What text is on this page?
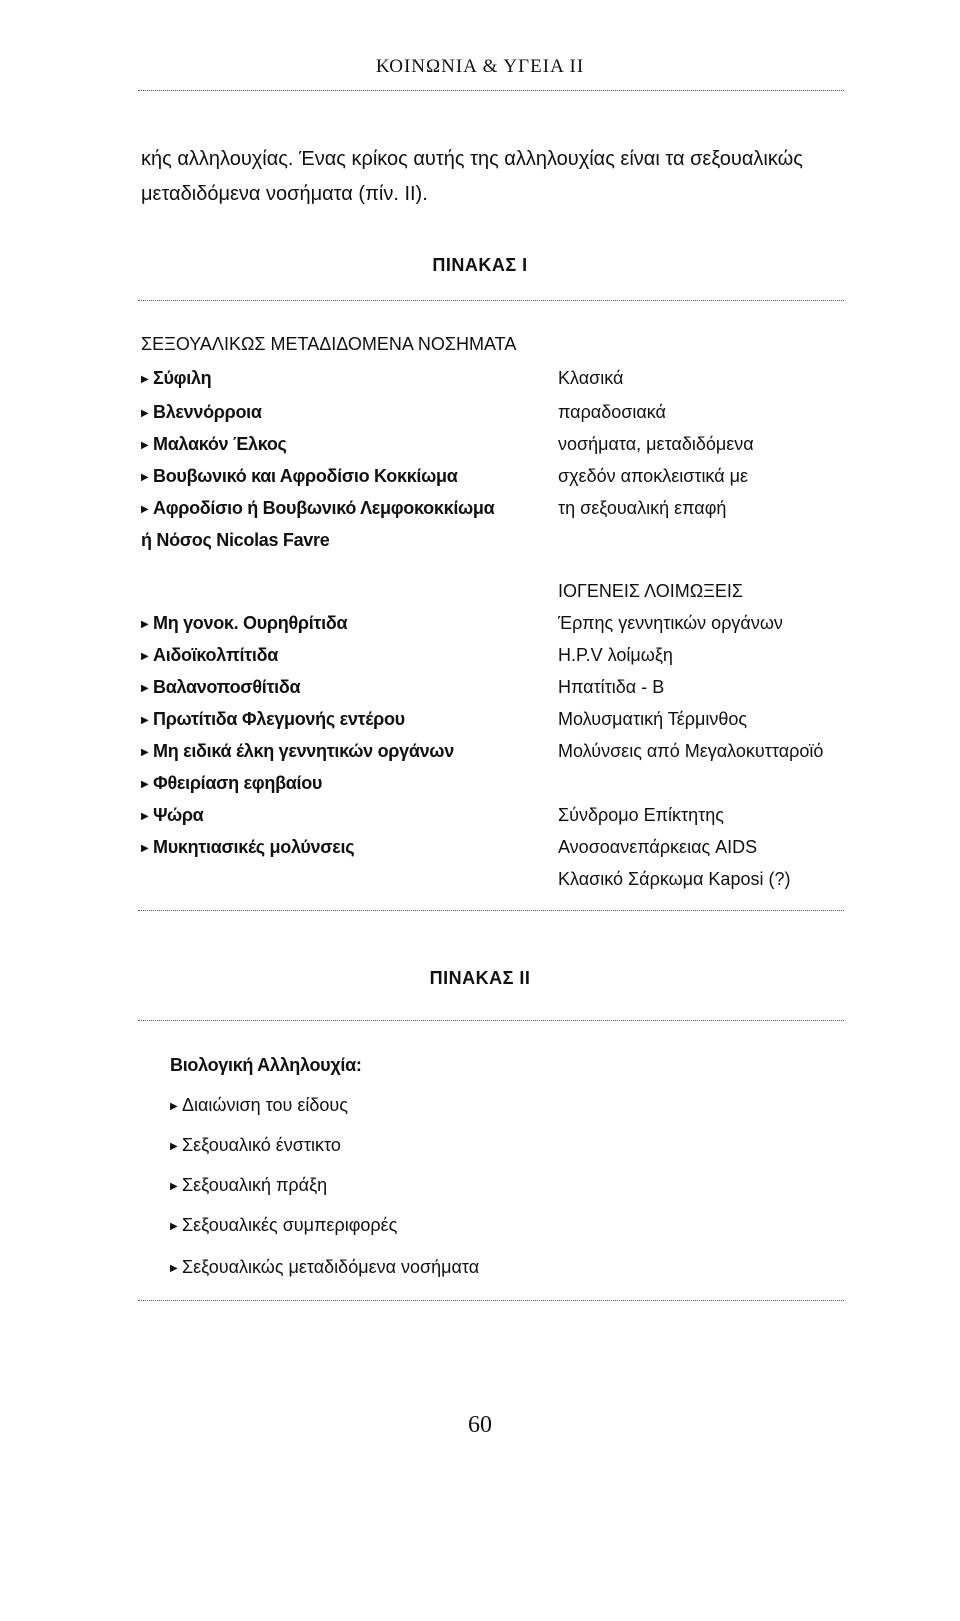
ΚΟΙΝΩΝΙΑ & ΥΓΕΙΑ ΙΙ
κής αλληλουχίας. Ένας κρίκος αυτής της αλληλουχίας είναι τα σεξουαλικώς
μεταδιδόμενα νοσήματα (πίν. II).
ΠΙΝΑΚΑΣ Ι
ΣΕΞΟΥΑΛΙΚΩΣ ΜΕΤΑΔΙΔΟΜΕΝΑ ΝΟΣΗΜΑΤΑ
▶ Σύφιλη
▶ Βλεννόρροια
▶ Μαλακόν Έλκος
▶ Βουβωνικό και Αφροδίσιο Κοκκίωμα
▶ Αφροδίσιο ή Βουβωνικό Λεμφοκοκκίωμα
ή Νόσος Nicolas Favre
Κλασικά
παραδοσιακά
νοσήματα, μεταδιδόμενα
σχεδόν αποκλειστικά με
τη σεξουαλική επαφή
ΙΟΓΕΝΕΙΣ ΛΟΙΜΩΞΕΙΣ
▶ Μη γονοκ. Ουρηθρίτιδα
▶ Αιδοϊκολπίτιδα
▶ Βαλανοποσθίτιδα
▶ Πρωτίτιδα Φλεγμονής εντέρου
▶ Μη ειδικά έλκη γεννητικών οργάνων
▶ Φθειρίαση εφηβαίου
▶ Ψώρα
▶ Μυκητιασικές μολύνσεις
Έρπης γεννητικών οργάνων
H.P.V λοίμωξη
Ηπατίτιδα - Β
Μολυσματική Τέρμινθος
Μολύνσεις από Μεγαλοκυτταροϊό
Σύνδρομο Επίκτητης
Ανοσοανεπάρκειας AIDS
Κλασικό Σάρκωμα Kaposi (?)
ΠΙΝΑΚΑΣ II
Βιολογική Αλληλουχία:
▶ Διαιώνιση του είδους
▶ Σεξουαλικό ένστικτο
▶ Σεξουαλική πράξη
▶ Σεξουαλικές συμπεριφορές
▶ Σεξουαλικώς μεταδιδόμενα νοσήματα
60
